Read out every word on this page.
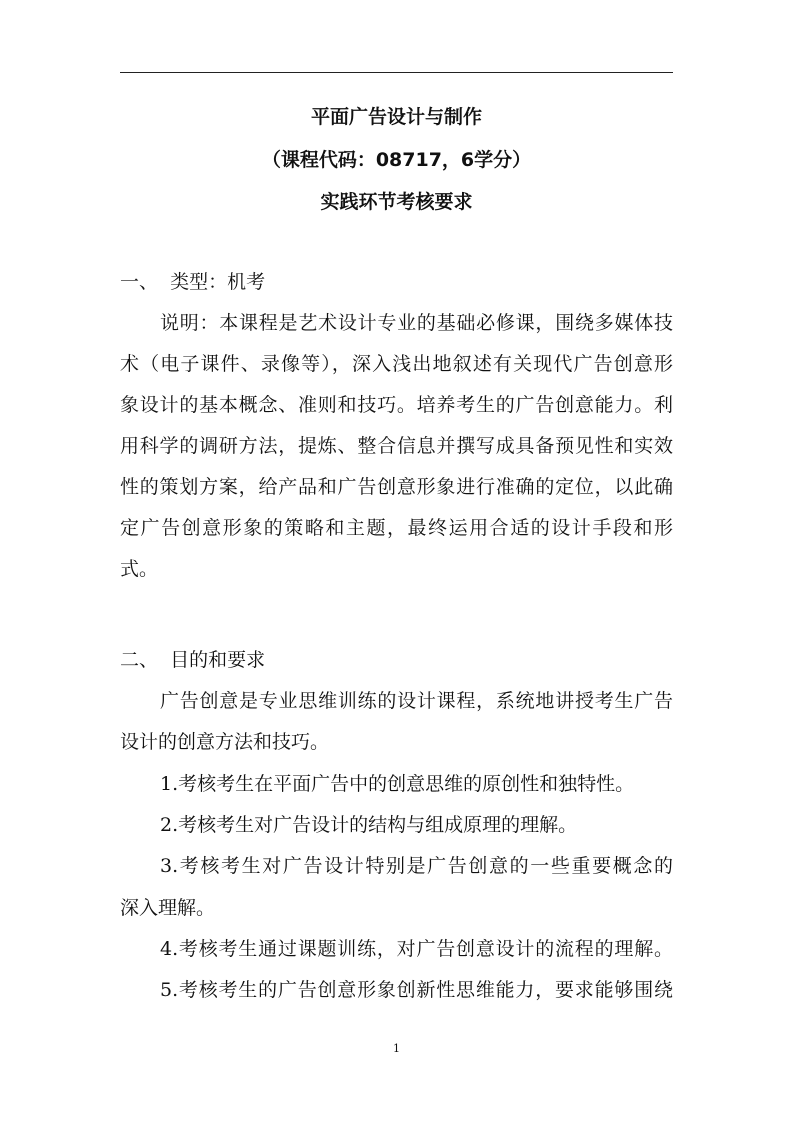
平面广告设计与制作
（课程代码：08717，6学分）
实践环节考核要求
一、  类型：机考
说明：本课程是艺术设计专业的基础必修课，围绕多媒体技
术（电子课件、录像等），深入浅出地叙述有关现代广告创意形
象设计的基本概念、准则和技巧。培养考生的广告创意能力。利
用科学的调研方法，提炼、整合信息并撰写成具备预见性和实效
性的策划方案，给产品和广告创意形象进行准确的定位，以此确
定广告创意形象的策略和主题，最终运用合适的设计手段和形
式。
二、  目的和要求
广告创意是专业思维训练的设计课程，系统地讲授考生广告
设计的创意方法和技巧。
1.考核考生在平面广告中的创意思维的原创性和独特性。
2.考核考生对广告设计的结构与组成原理的理解。
3.考核考生对广告设计特别是广告创意的一些重要概念的
深入理解。
4.考核考生通过课题训练，对广告创意设计的流程的理解。
5.考核考生的广告创意形象创新性思维能力，要求能够围绕
1
